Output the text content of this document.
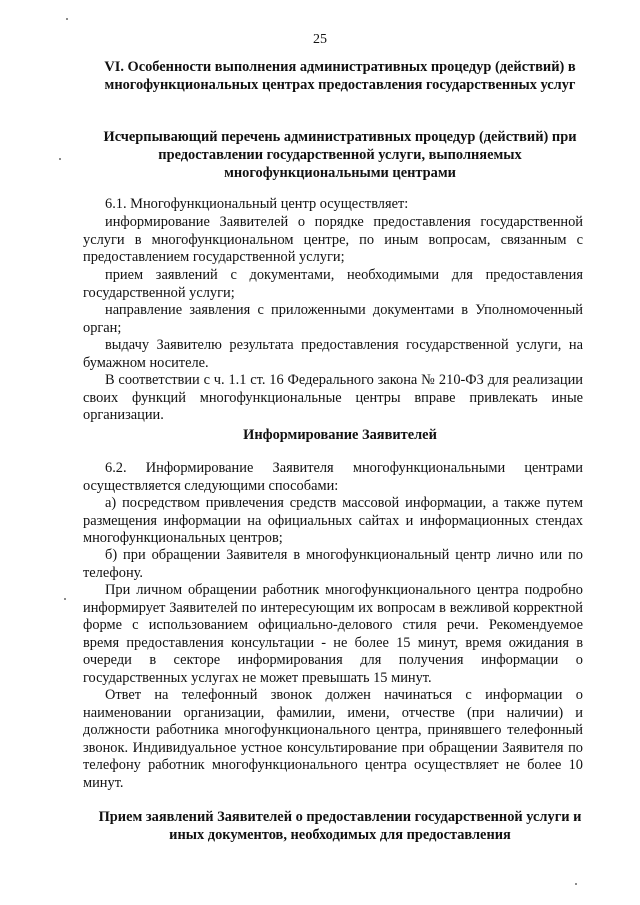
25
VI. Особенности выполнения административных процедур (действий) в многофункциональных центрах предоставления государственных услуг
Исчерпывающий перечень административных процедур (действий) при предоставлении государственной услуги, выполняемых многофункциональными центрами
6.1. Многофункциональный центр осуществляет:
информирование Заявителей о порядке предоставления государственной услуги в многофункциональном центре, по иным вопросам, связанным с предоставлением государственной услуги;
прием заявлений с документами, необходимыми для предоставления государственной услуги;
направление заявления с приложенными документами в Уполномоченный орган;
выдачу Заявителю результата предоставления государственной услуги, на бумажном носителе.
В соответствии с ч. 1.1 ст. 16 Федерального закона № 210-ФЗ для реализации своих функций многофункциональные центры вправе привлекать иные организации.
Информирование Заявителей
6.2. Информирование Заявителя многофункциональными центрами осуществляется следующими способами:
а) посредством привлечения средств массовой информации, а также путем размещения информации на официальных сайтах и информационных стендах многофункциональных центров;
б) при обращении Заявителя в многофункциональный центр лично или по телефону.
При личном обращении работник многофункционального центра подробно информирует Заявителей по интересующим их вопросам в вежливой корректной форме с использованием официально-делового стиля речи. Рекомендуемое время предоставления консультации - не более 15 минут, время ожидания в очереди в секторе информирования для получения информации о государственных услугах не может превышать 15 минут.
Ответ на телефонный звонок должен начинаться с информации о наименовании организации, фамилии, имени, отчестве (при наличии) и должности работника многофункционального центра, принявшего телефонный звонок. Индивидуальное устное консультирование при обращении Заявителя по телефону работник многофункционального центра осуществляет не более 10 минут.
Прием заявлений Заявителей о предоставлении государственной услуги и иных документов, необходимых для предоставления
